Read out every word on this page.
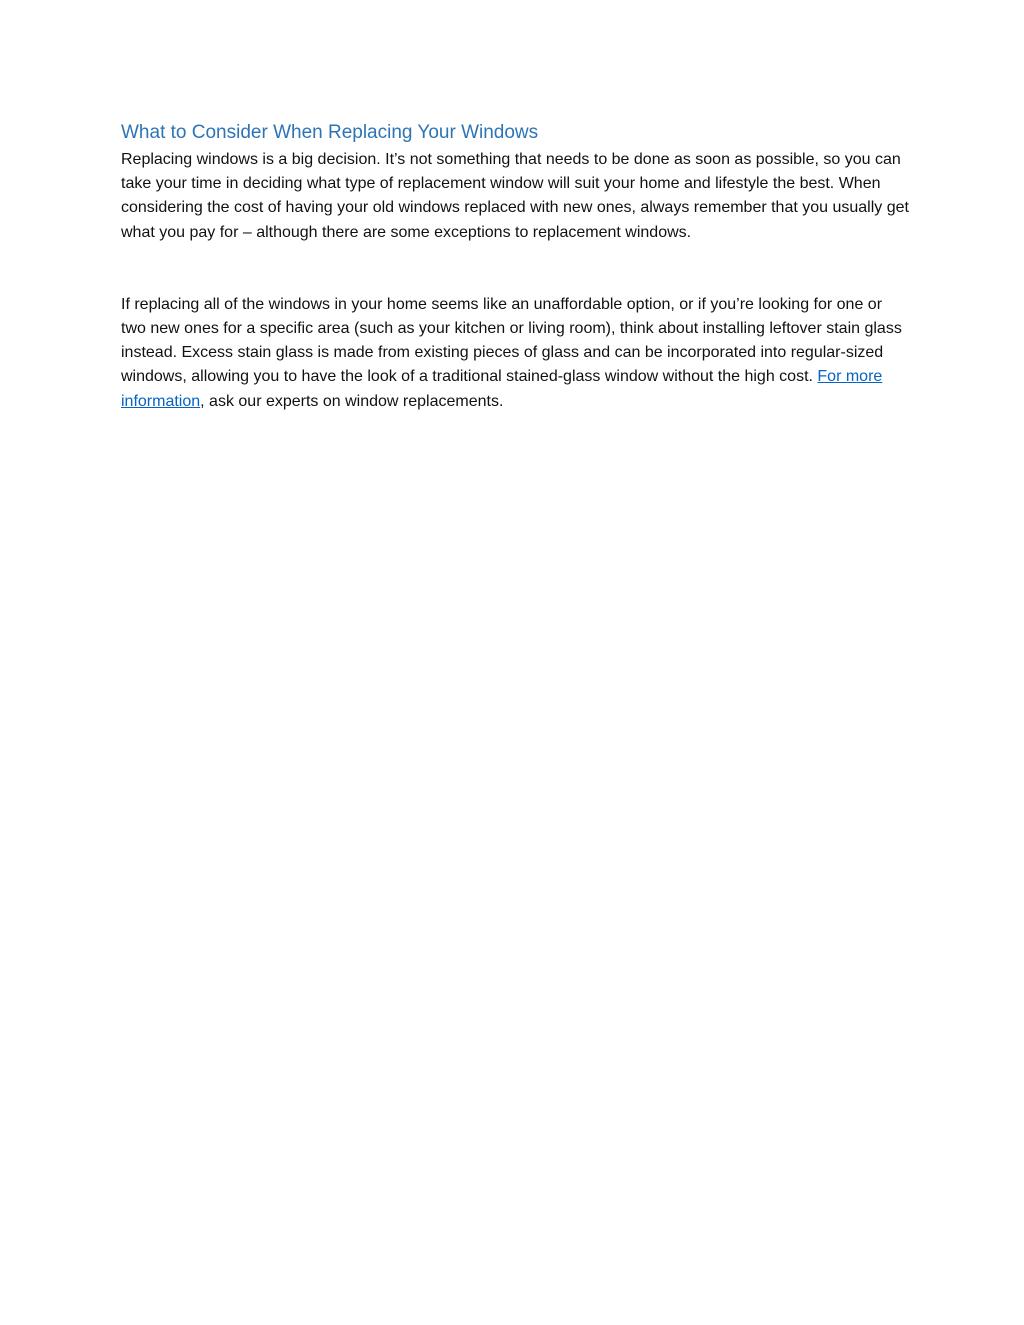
What to Consider When Replacing Your Windows

Replacing windows is a big decision. It’s not something that needs to be done as soon as possible, so you can take your time in deciding what type of replacement window will suit your home and lifestyle the best. When considering the cost of having your old windows replaced with new ones, always remember that you usually get what you pay for – although there are some exceptions to replacement windows.

If replacing all of the windows in your home seems like an unaffordable option, or if you’re looking for one or two new ones for a specific area (such as your kitchen or living room), think about installing leftover stain glass instead. Excess stain glass is made from existing pieces of glass and can be incorporated into regular-sized windows, allowing you to have the look of a traditional stained-glass window without the high cost. For more information, ask our experts on window replacements.
